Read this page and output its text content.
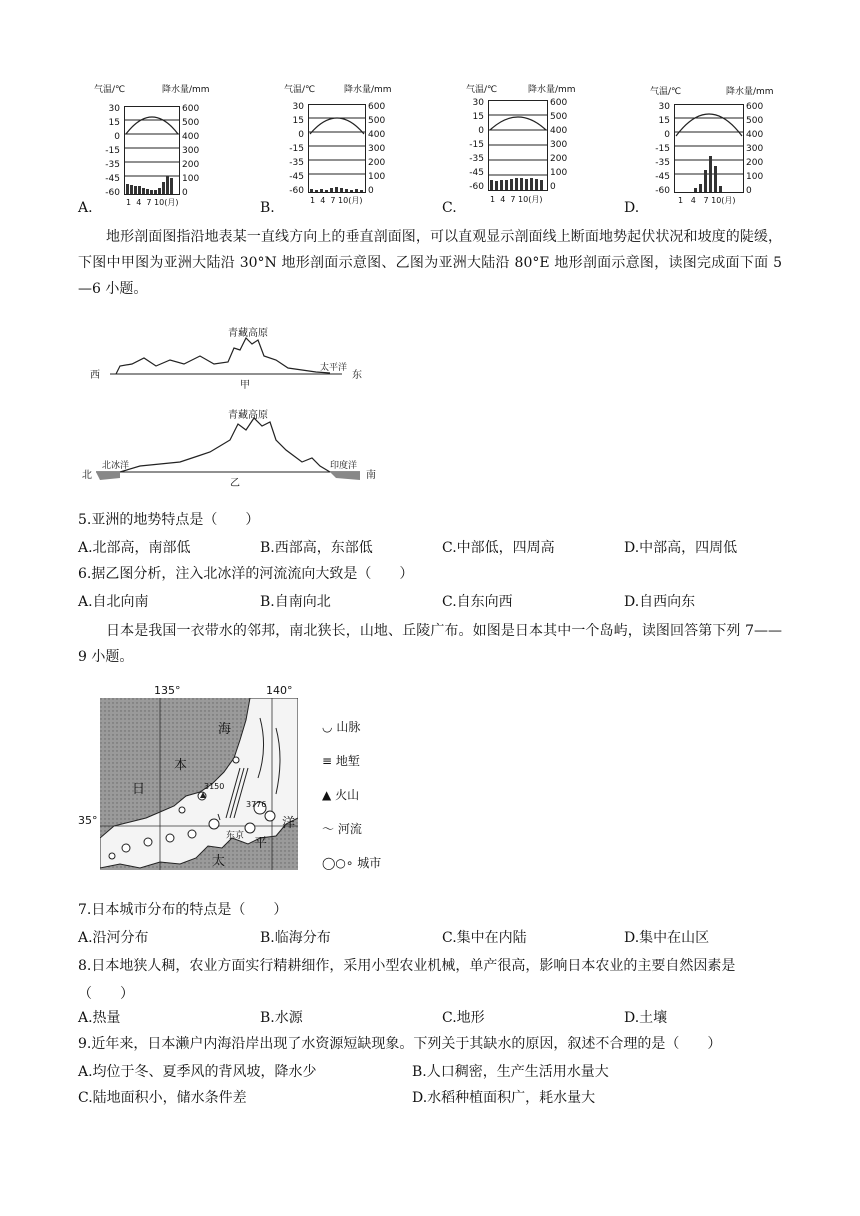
气温/℃	降水量/mm
30
15
0
-15
-35
-45
-60
600
500
400
300
200
100
0
1 4 7 10(月)
A.
气温/℃	降水量/mm
30
15
0
-15
-35
-45
-60
600
500
400
300
200
100
0
1 4 7 10(月)
B.
气温/℃	降水量/mm
30
15
0
-15
-35
-45
-60
600
500
400
300
200
100
0
1 4 7 10(月)
C.
气温/℃	降水量/mm
30
15
0
-15
-35
-45
-60
600
500
400
300
200
100
0
1 4 7 10(月)
D.

地形剖面图指沿地表某一直线方向上的垂直剖面图，可以直观显示剖面线上断面地势起伏状况和坡度的陡缓，下图中甲图为亚洲大陆沿 30°N 地形剖面示意图、乙图为亚洲大陆沿 80°E 地形剖面示意图，读图完成面下面 5—6 小题。

青藏高原
西
太平洋
东
甲
青藏高原
北冰洋	印度洋
北	南
乙
5.亚洲的地势特点是（　　）
A.北部高，南部低	B.西部高，东部低	C.中部低，四周高	D.中部高，四周低
6.据乙图分析，注入北冰洋的河流流向大致是（　　）
A.自北向南	B.自南向北	C.自东向西	D.自西向东

日本是我国一衣带水的邻邦，南北狭长，山地、丘陵广布。如图是日本其中一个岛屿，读图回答第下列 7——9 小题。

135°	140°
35°
海
本
日
太
平
洋
3150
3776
东京
◡ 山脉
≡ 地堑
▲ 火山
〜 河流
◯○∘ 城市
7.日本城市分布的特点是（　　）
A.沿河分布	B.临海分布	C.集中在内陆	D.集中在山区
8.日本地狭人稠，农业方面实行精耕细作，采用小型农业机械，单产很高，影响日本农业的主要自然因素是（　　）
A.热量	B.水源	C.地形	D.土壤
9.近年来，日本濑户内海沿岸出现了水资源短缺现象。下列关于其缺水的原因，叙述不合理的是（　　）
A.均位于冬、夏季风的背风坡，降水少	B.人口稠密，生产生活用水量大
C.陆地面积小，储水条件差	D.水稻种植面积广，耗水量大
